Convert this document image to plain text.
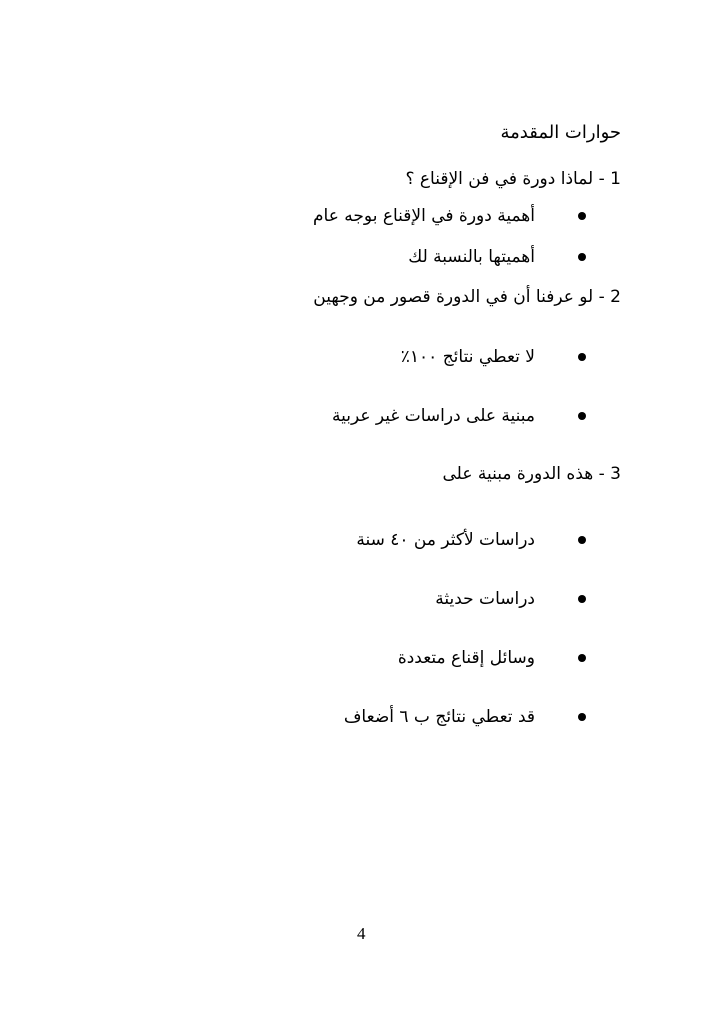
حوارات المقدمة
1 - لماذا دورة في فن الإقناع ؟
أهمية دورة في الإقناع بوجه عام
أهميتها بالنسبة لك
2 - لو عرفنا أن في الدورة قصور من وجهين
لا تعطي نتائج ١٠٠٪
مبنية على دراسات غير عربية
3 - هذه الدورة مبنية على
دراسات لأكثر من ٤٠ سنة
دراسات حديثة
وسائل إقناع متعددة
قد تعطي نتائج ب ٦ أضعاف
4
